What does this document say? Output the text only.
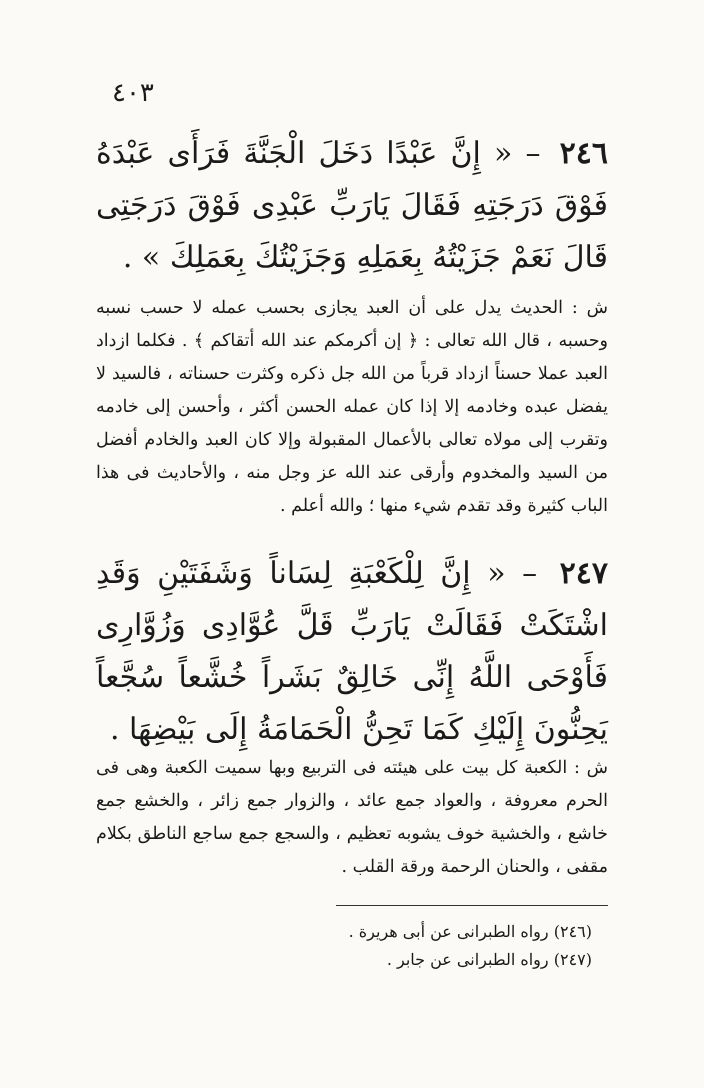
٤٠٣
٢٤٦ – « إِنَّ عَبْدًا دَخَلَ الْجَنَّةَ فَرَأَى عَبْدَهُ فَوْقَ دَرَجَتِهِ فَقَالَ يَارَبِّ عَبْدِى فَوْقَ دَرَجَتِى قَالَ نَعَمْ جَزَيْتُهُ بِعَمَلِهِ وَجَزَيْتُكَ بِعَمَلِكَ » .
ش : الحديث يدل على أن العبد يجازى بحسب عمله لا حسب نسبه وحسبه ، قال الله تعالى : ﴿ إن أكرمكم عند الله أتقاكم ﴾ . فكلما ازداد العبد عملا حسناً ازداد قرباً من الله جل ذكره وكثرت حسناته ، فالسيد لا يفضل عبده وخادمه إلا إذا كان عمله الحسن أكثر ، وأحسن إلى خادمه وتقرب إلى مولاه تعالى بالأعمال المقبولة وإلا كان العبد والخادم أفضل من السيد والمخدوم وأرقى عند الله عز وجل منه ، والأحاديث فى هذا الباب كثيرة وقد تقدم شيء منها ؛ والله أعلم .
٢٤٧ – « إِنَّ لِلْكَعْبَةِ لِسَاناً وَشَفَتَيْنِ وَقَدِ اشْتَكَتْ فَقَالَتْ يَارَبِّ قَلَّ عُوَّادِى وَزُوَّارِى فَأَوْحَى اللَّهُ إِنِّى خَالِقٌ بَشَراً خُشَّعاً سُجَّعاً يَحِنُّونَ إِلَيْكِ كَمَا تَحِنُّ الْحَمَامَةُ إِلَى بَيْضِهَا .
ش : الكعبة كل بيت على هيئته فى التربيع وبها سميت الكعبة وهى فى الحرم معروفة ، والعواد جمع عائد ، والزوار جمع زائر ، والخشع جمع خاشع ، والخشية خوف يشوبه تعظيم ، والسجع جمع ساجع الناطق بكلام مقفى ، والحنان الرحمة ورقة القلب .
(٢٤٦) رواه الطبرانى عن أبى هريرة .
(٢٤٧) رواه الطبرانى عن جابر .
